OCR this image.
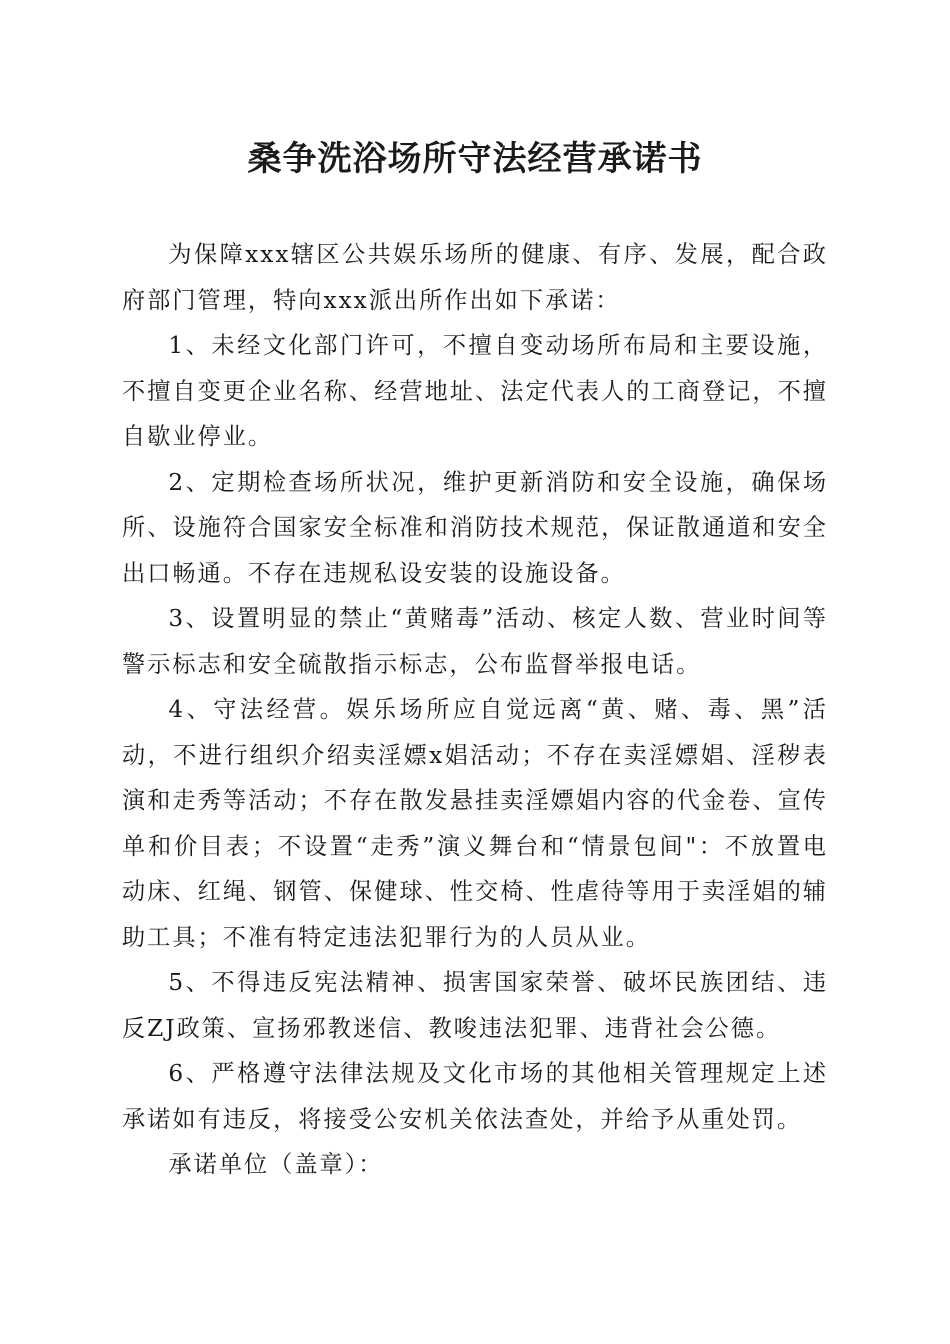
桑争洗浴场所守法经营承诺书

为保障xxx辖区公共娱乐场所的健康、有序、发展，配合政府部门管理，特向xxx派出所作出如下承诺：

1、未经文化部门许可，不擅自变动场所布局和主要设施，不擅自变更企业名称、经营地址、法定代表人的工商登记，不擅自歇业停业。

2、定期检查场所状况，维护更新消防和安全设施，确保场所、设施符合国家安全标准和消防技术规范，保证散通道和安全出口畅通。不存在违规私设安装的设施设备。

3、设置明显的禁止“黄赌毒”活动、核定人数、营业时间等警示标志和安全硫散指示标志，公布监督举报电话。

4、守法经营。娱乐场所应自觉远离“黄、赌、毒、黑”活动，不进行组织介绍卖淫嫖x娼活动；不存在卖淫嫖娼、淫秽表演和走秀等活动；不存在散发悬挂卖淫嫖娼内容的代金卷、宣传单和价目表；不设置“走秀”演义舞台和“情景包间"：不放置电动床、红绳、钢管、保健球、性交椅、性虐待等用于卖淫娼的辅助工具；不准有特定违法犯罪行为的人员从业。

5、不得违反宪法精神、损害国家荣誉、破坏民族团结、违反ZJ政策、宣扬邪教迷信、教唆违法犯罪、违背社会公德。

6、严格遵守法律法规及文化市场的其他相关管理规定上述承诺如有违反，将接受公安机关依法查处，并给予从重处罚。

承诺单位（盖章）：
